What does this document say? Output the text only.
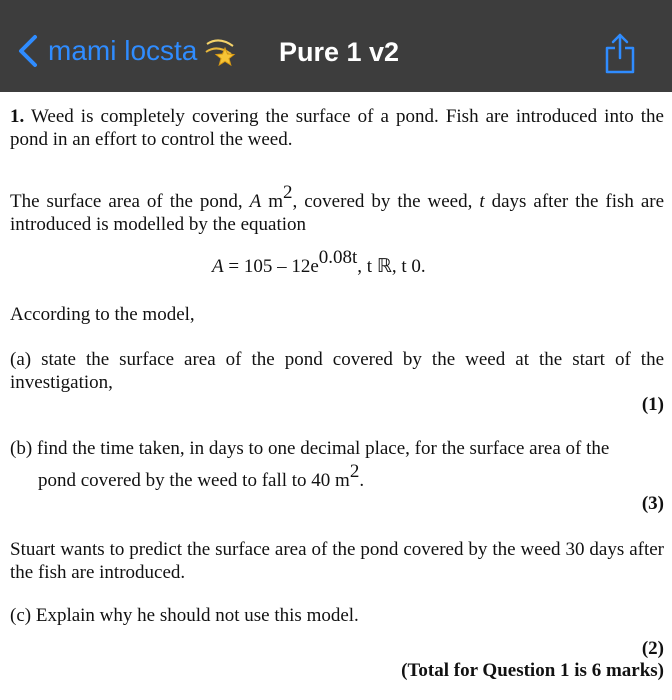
mami locsta	Pure 1 v2

1. Weed is completely covering the surface of a pond. Fish are introduced into the pond in an effort to control the weed.

The surface area of the pond, A $m^2$, covered by the weed, t days after the fish are introduced is modelled by the equation

$A = 105 - 12e^{0.08t}$, t ℝ, t 0.

According to the model,

(a) state the surface area of the pond covered by the weed at the start of the investigation,

(1)

(b) find the time taken, in days to one decimal place, for the surface area of the

pond covered by the weed to fall to 40 $m^2$.

(3)

Stuart wants to predict the surface area of the pond covered by the weed 30 days after the fish are introduced.

(c) Explain why he should not use this model.

(2)
(Total for Question 1 is 6 marks)
